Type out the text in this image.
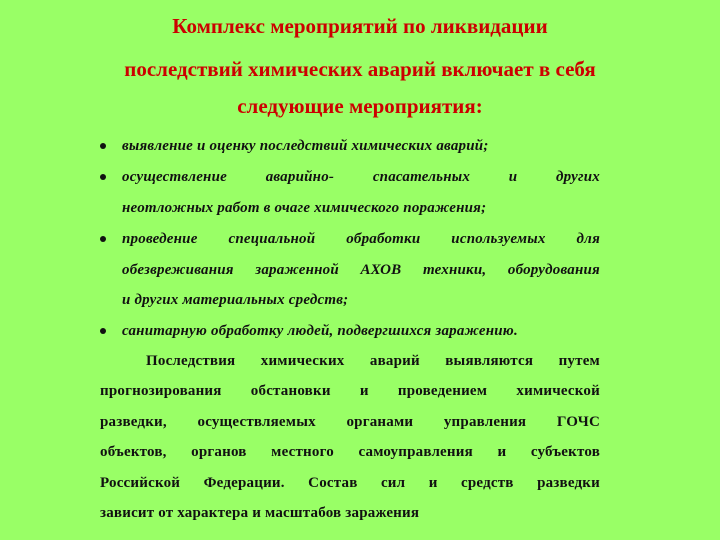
Комплекс мероприятий по ликвидации
последствий химических аварий включает в себя
следующие мероприятия:
выявление и оценку последствий химических аварий;
осуществление	аварийно-	спасательных	и	других
неотложных работ в очаге химического поражения;
проведение специальной обработки используемых для
обезвреживания зараженной АХОВ техники, оборудования
и других материальных средств;
санитарную обработку людей, подвергшихся заражению.
Последствия химических аварий выявляются путем
прогнозирования обстановки и проведением химической
разведки, осуществляемых органами управления ГОЧС
объектов, органов местного самоуправления и субъектов
Российской Федерации. Состав сил и средств разведки
зависит от характера и масштабов заражения
